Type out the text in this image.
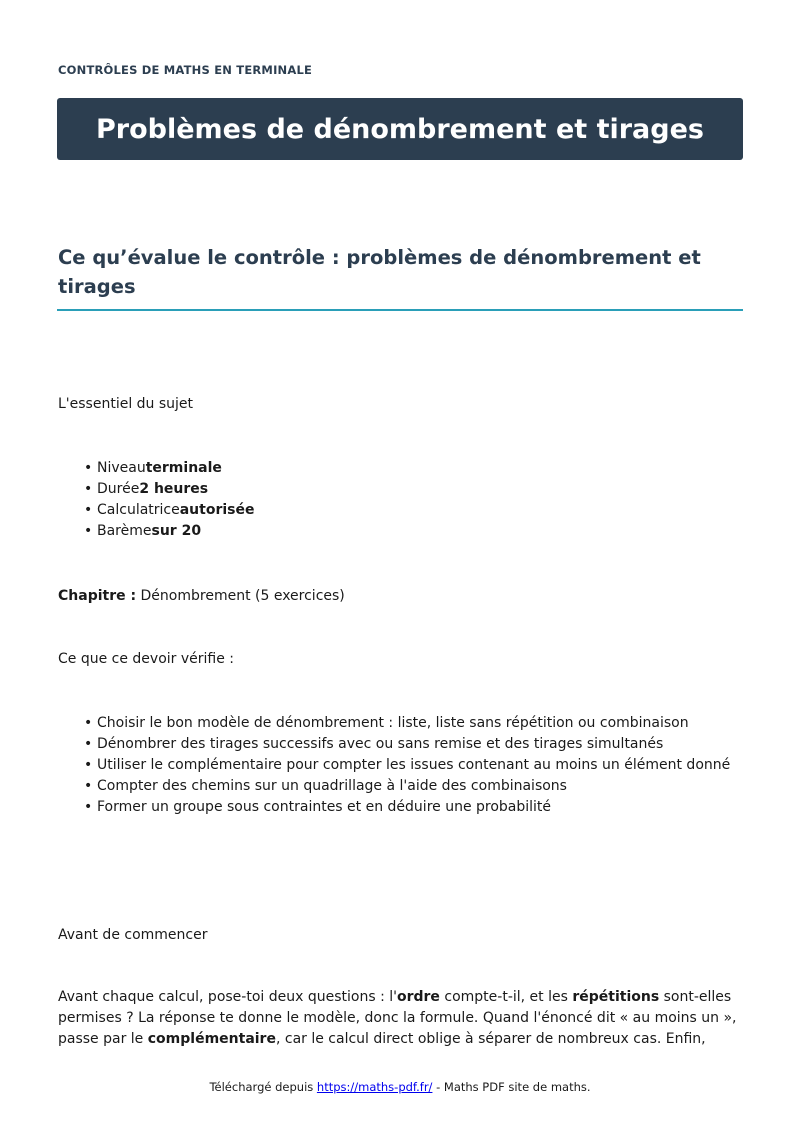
CONTRÔLES DE MATHS EN TERMINALE
Problèmes de dénombrement et tirages
Ce qu’évalue le contrôle : problèmes de dénombrement et tirages

L'essentiel du sujet

• Niveauterminale
• Durée2 heures
• Calculatriceautorisée
• Barèmesur 20

Chapitre : Dénombrement (5 exercices)

Ce que ce devoir vérifie :

• Choisir le bon modèle de dénombrement : liste, liste sans répétition ou combinaison
• Dénombrer des tirages successifs avec ou sans remise et des tirages simultanés
• Utiliser le complémentaire pour compter les issues contenant au moins un élément donné
• Compter des chemins sur un quadrillage à l'aide des combinaisons
• Former un groupe sous contraintes et en déduire une probabilité

Avant de commencer

Avant chaque calcul, pose-toi deux questions : l'ordre compte-t-il, et les répétitions sont-elles permises ? La réponse te donne le modèle, donc la formule. Quand l'énoncé dit « au moins un », passe par le complémentaire, car le calcul direct oblige à séparer de nombreux cas. Enfin,

Téléchargé depuis https://maths-pdf.fr/ - Maths PDF site de maths.
